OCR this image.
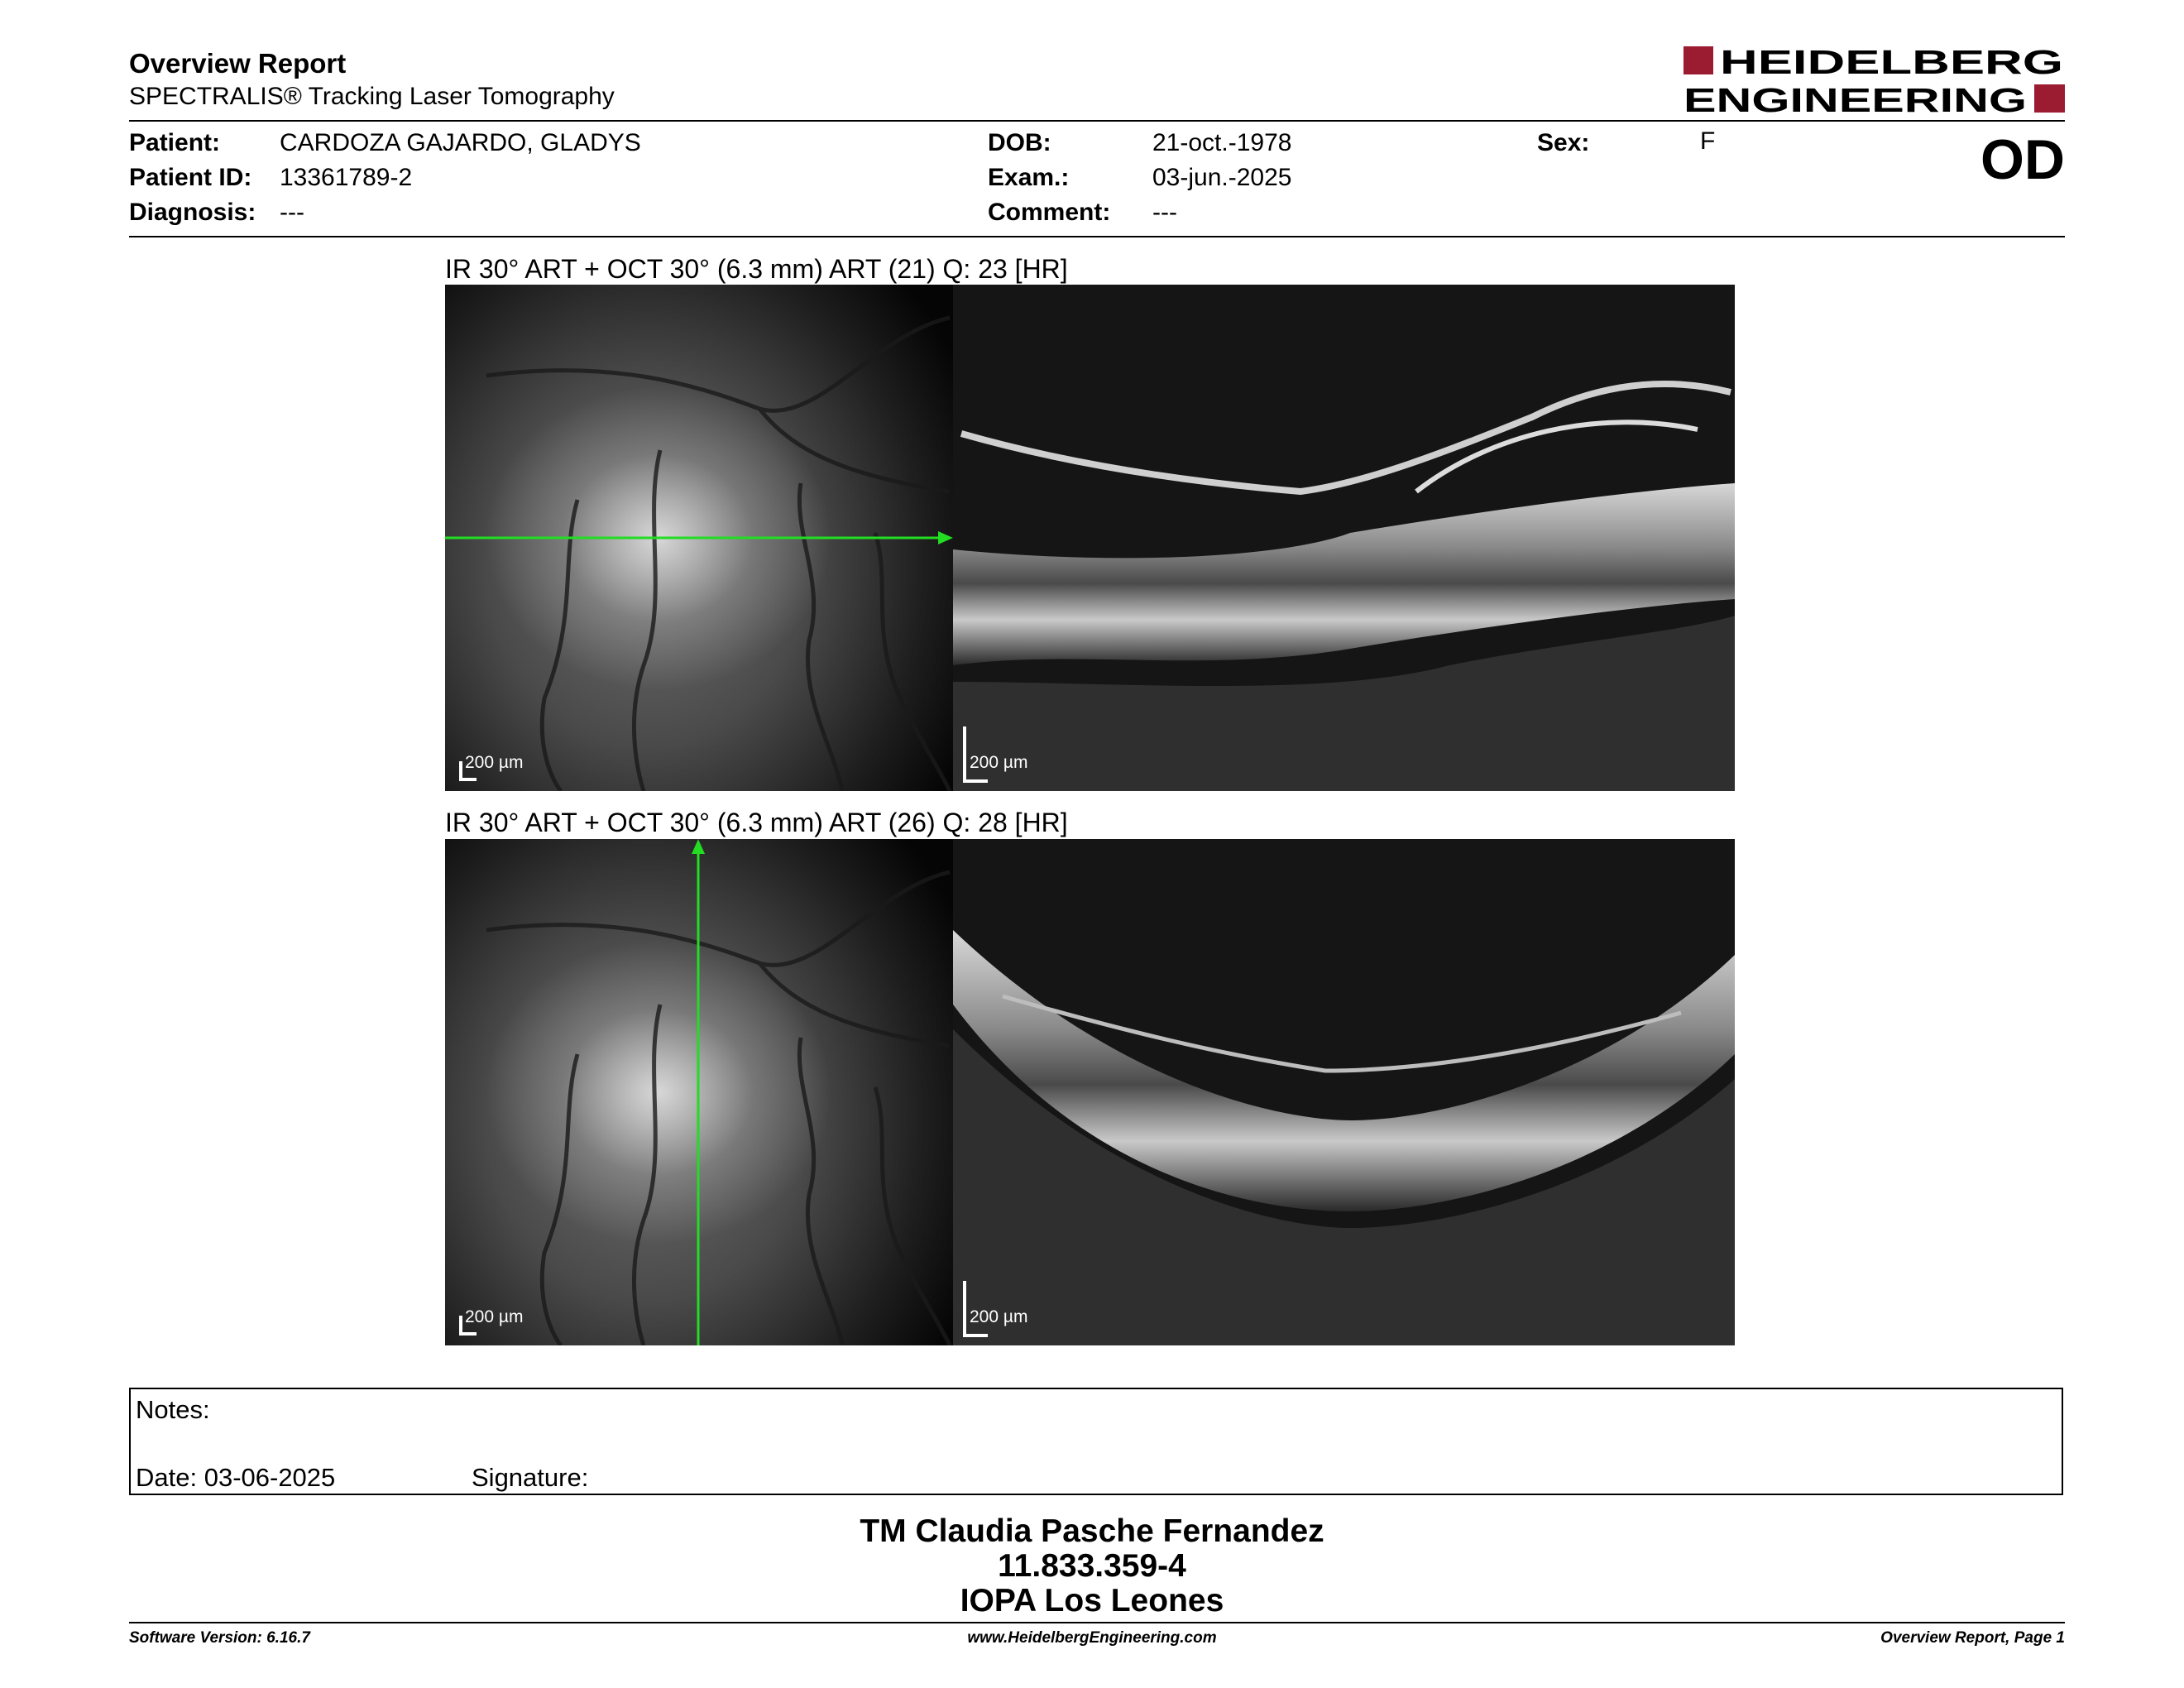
Overview Report
SPECTRALIS® Tracking Laser Tomography
HEIDELBERG
ENGINEERING
Patient: CARDOZA GAJARDO, GLADYS
Patient ID: 13361789-2
Diagnosis: ---
DOB:	21-oct.-1978
Exam.:	03-jun.-2025
Comment: ---
Sex:	F	OD
IR 30° ART + OCT 30° (6.3 mm) ART (21) Q: 23 [HR]
200 µm	200 µm
IR 30° ART + OCT 30° (6.3 mm) ART (26) Q: 28 [HR]
200 µm	200 µm
Notes:
Date: 03-06-2025	Signature:
TM Claudia Pasche Fernandez
11.833.359-4
IOPA Los Leones
Software Version: 6.16.7	www.HeidelbergEngineering.com	Overview Report, Page 1
